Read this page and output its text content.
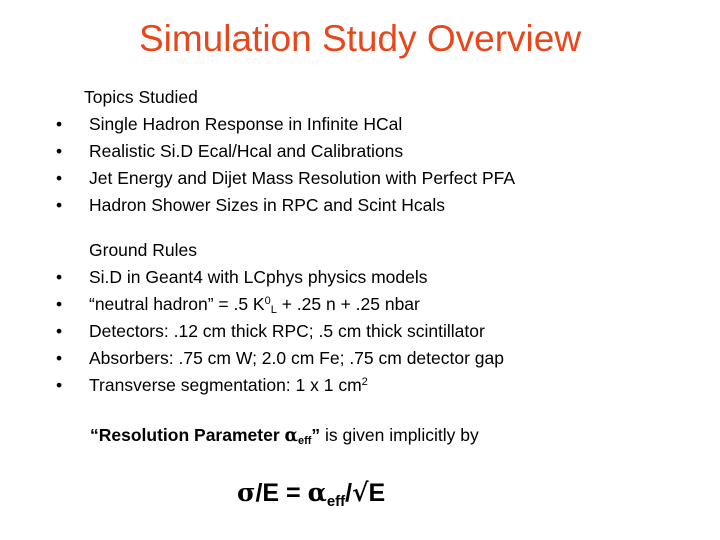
Simulation Study Overview
Topics Studied
•	Single Hadron Response in Infinite HCal
•	Realistic Si.D Ecal/Hcal and Calibrations
•	Jet Energy and Dijet Mass Resolution with Perfect PFA
•	Hadron Shower Sizes in RPC and Scint Hcals
Ground Rules
•	Si.D in Geant4 with LCphys physics models
•	“neutral hadron” = .5 $K^0_L + .25$ n + .25 nbar
•	Detectors: .12 cm thick RPC; .5 cm thick scintillator
•	Absorbers: .75 cm W; 2.0 cm Fe; .75 cm detector gap
•	Transverse segmentation: 1 x 1 $cm^2$
“Resolution Parameter $\alpha_{eff}$” is given implicitly by
$\sigma/E = \alpha_{eff}/√E$
